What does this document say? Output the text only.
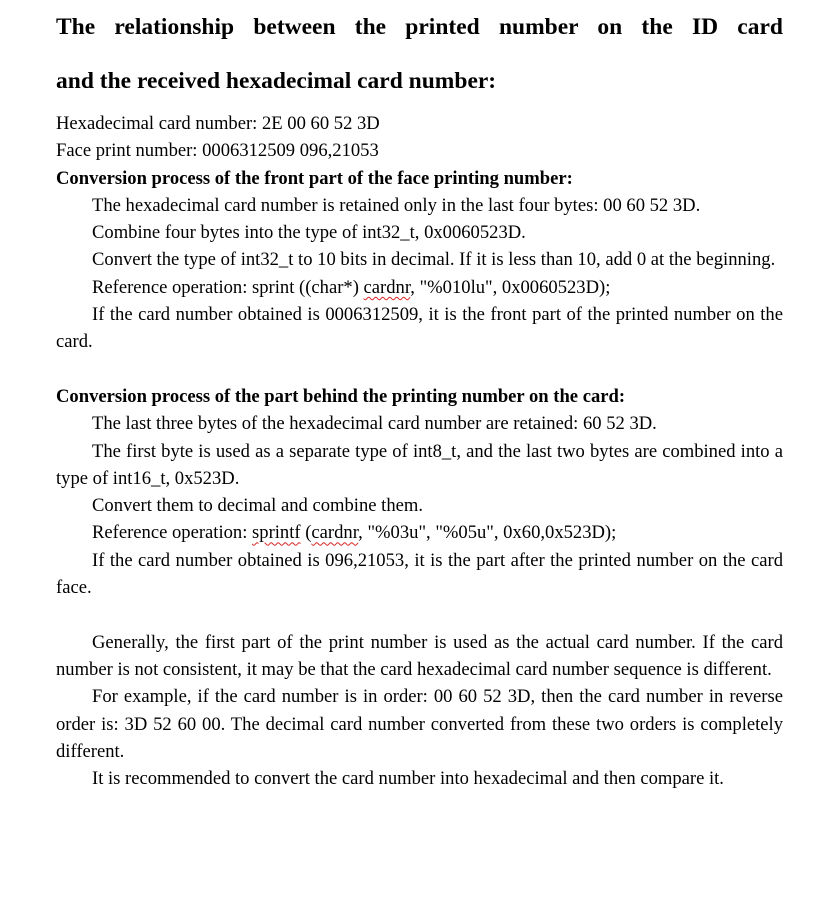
The relationship between the printed number on the ID card
and the received hexadecimal card number:

Hexadecimal card number: 2E 00 60 52 3D

Face print number: 0006312509 096,21053

Conversion process of the front part of the face printing number:

The hexadecimal card number is retained only in the last four bytes: 00 60 52 3D.

Combine four bytes into the type of int32_t, 0x0060523D.

Convert the type of int32_t to 10 bits in decimal. If it is less than 10, add 0 at the beginning.

Reference operation: sprint ((char*) cardnr, "%010lu", 0x0060523D);

If the card number obtained is 0006312509, it is the front part of the printed number on the card.

Conversion process of the part behind the printing number on the card:

The last three bytes of the hexadecimal card number are retained: 60 52 3D.

The first byte is used as a separate type of int8_t, and the last two bytes are combined into a type of int16_t, 0x523D.

Convert them to decimal and combine them.

Reference operation: sprintf (cardnr, "%03u", "%05u", 0x60,0x523D);

If the card number obtained is 096,21053, it is the part after the printed number on the card face.

Generally, the first part of the print number is used as the actual card number. If the card number is not consistent, it may be that the card hexadecimal card number sequence is different.

For example, if the card number is in order: 00 60 52 3D, then the card number in reverse order is: 3D 52 60 00. The decimal card number converted from these two orders is completely different.

It is recommended to convert the card number into hexadecimal and then compare it.
